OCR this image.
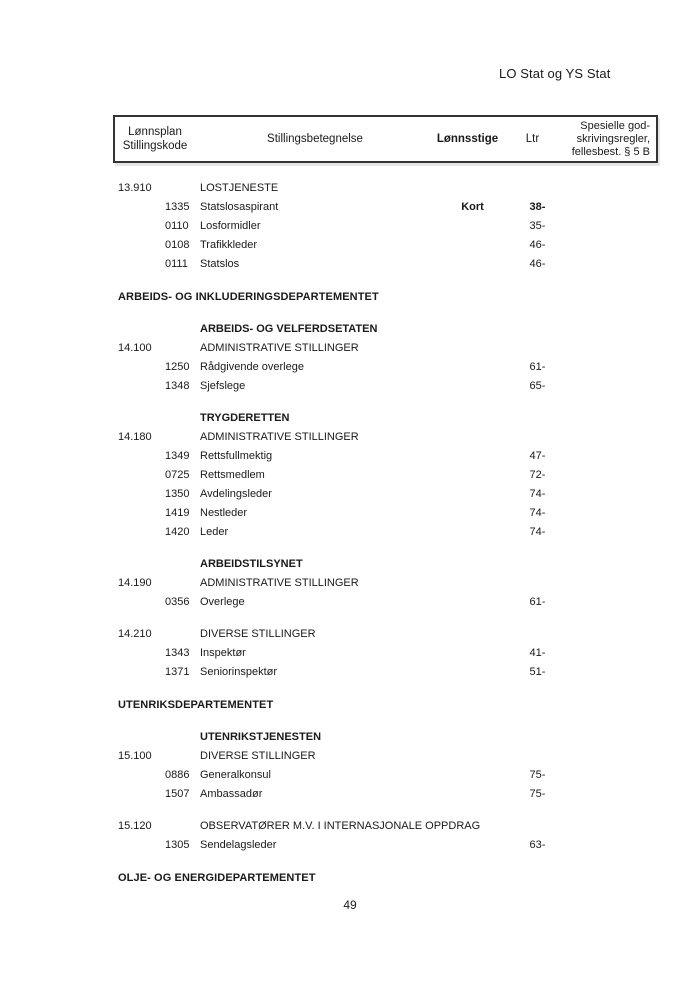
LO Stat og YS Stat
Lønnsplan
Stillingskode
Stillingsbetegnelse	Lønnsstige	Ltr
Spesielle god-
skrivingsregler,
fellesbest. § 5 B
13.910	LOSTJENESTE
1335 Statslosaspirant	Kort	38-
0110	Losformidler	35-
0108 Trafikkleder	46-
0111	Statslos	46-
ARBEIDS- OG INKLUDERINGSDEPARTEMENTET
ARBEIDS- OG VELFERDSETATEN
14.100	ADMINISTRATIVE STILLINGER
1250 Rådgivende overlege	61-
1348 Sjefslege	65-
TRYGDERETTEN
14.180	ADMINISTRATIVE STILLINGER
1349 Rettsfullmektig	47-
0725 Rettsmedlem	72-
1350 Avdelingsleder	74-
1419 Nestleder	74-
1420 Leder	74-
ARBEIDSTILSYNET
14.190	ADMINISTRATIVE STILLINGER
0356 Overlege	61-
14.210	DIVERSE STILLINGER
1343 Inspektør	41-
1371 Seniorinspektør	51-
UTENRIKSDEPARTEMENTET
UTENRIKSTJENESTEN
15.100	DIVERSE STILLINGER
0886 Generalkonsul	75-
1507 Ambassadør	75-
15.120	OBSERVATØRER M.V. I INTERNASJONALE OPPDRAG
1305 Sendelagsleder	63-
OLJE- OG ENERGIDEPARTEMENTET
49
